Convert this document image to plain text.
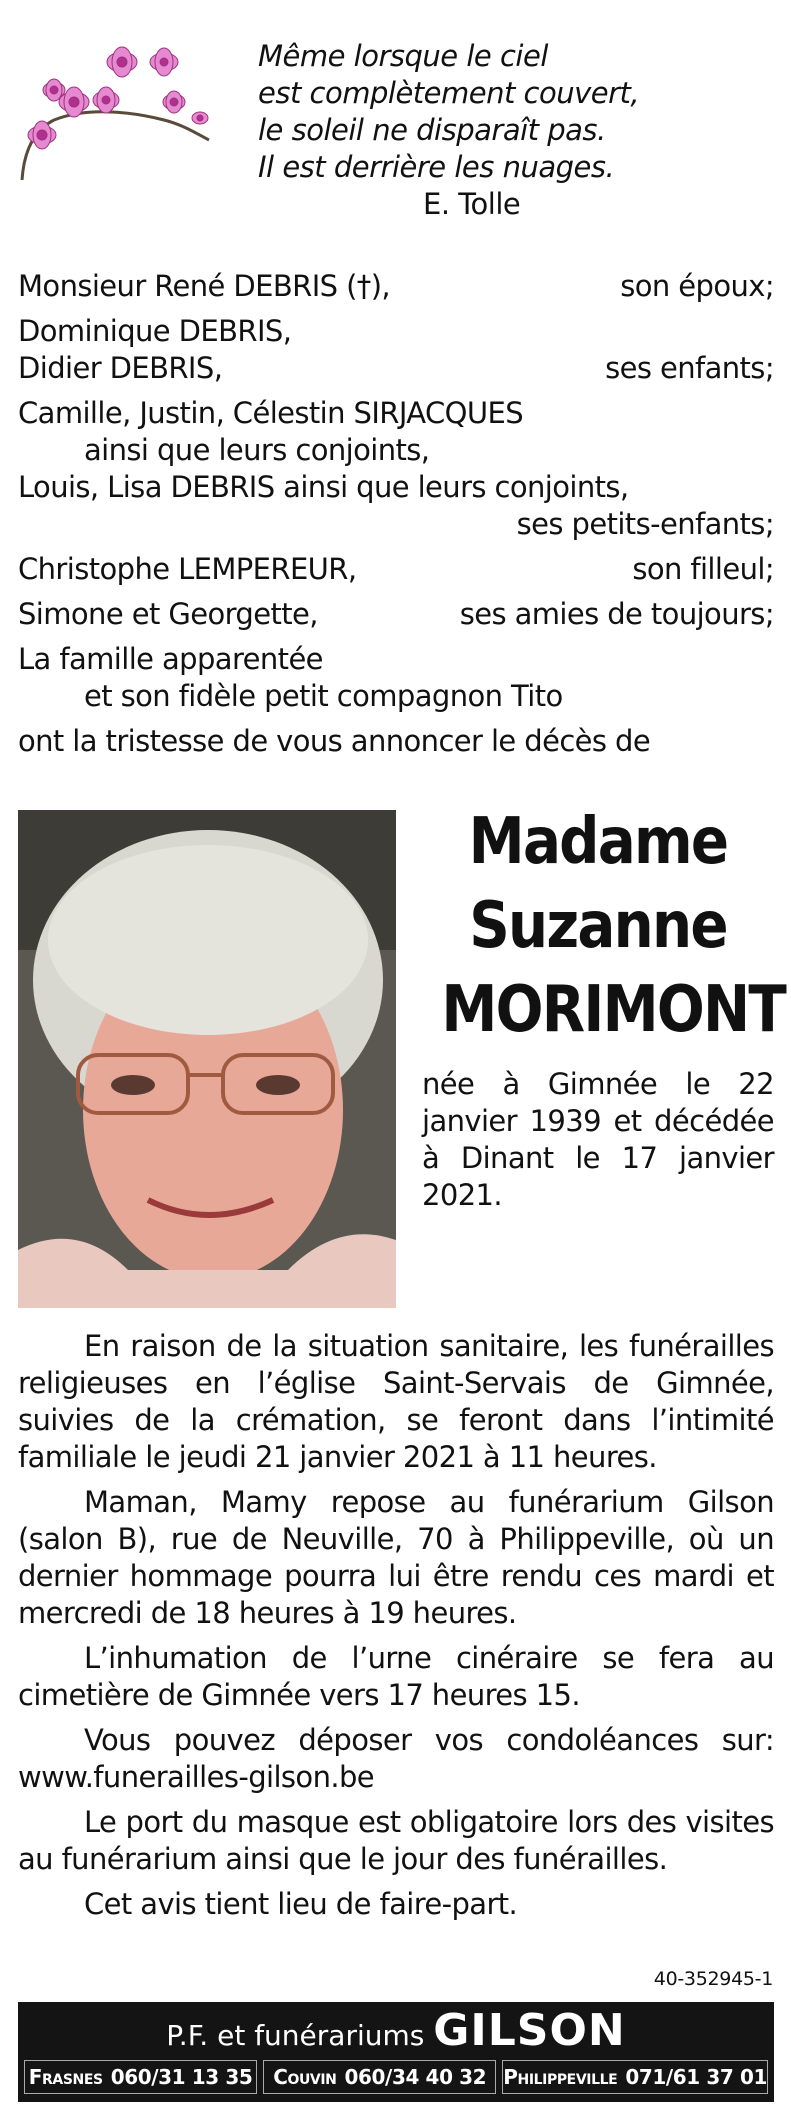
Même lorsque le ciel
est complètement couvert,
le soleil ne disparaît pas.
Il est derrière les nuages.
E. Tolle
Monsieur René DEBRIS (†),	son époux;
Dominique DEBRIS,
Didier DEBRIS,	ses enfants;
Camille, Justin, Célestin SIRJACQUES
ainsi que leurs conjoints,
Louis, Lisa DEBRIS ainsi que leurs conjoints,
ses petits-enfants;
Christophe LEMPEREUR,	son filleul;
Simone et Georgette,	ses amies de toujours;
La famille apparentée
et son fidèle petit compagnon Tito
ont la tristesse de vous annoncer le décès de
Madame
Suzanne
MORIMONT
née à Gimnée le 22 janvier 1939 et décédée à Dinant le 17 janvier 2021.

En raison de la situation sanitaire, les funérailles religieuses en l’église Saint-Servais de Gimnée, suivies de la crémation, se feront dans l’intimité familiale le jeudi 21 janvier 2021 à 11 heures.

Maman, Mamy repose au funérarium Gilson (salon B), rue de Neuville, 70 à Philippeville, où un dernier hommage pourra lui être rendu ces mardi et mercredi de 18 heures à 19 heures.

L’inhumation de l’urne cinéraire se fera au cimetière de Gimnée vers 17 heures 15.

Vous pouvez déposer vos condoléances sur: www.funerailles-gilson.be

Le port du masque est obligatoire lors des visites au funérarium ainsi que le jour des funérailles.

Cet avis tient lieu de faire-part.

40-352945-1
P.F. et funérariums GILSON
Frasnes 060/31 13 35 Couvin 060/34 40 32 Philippeville 071/61 37 01
